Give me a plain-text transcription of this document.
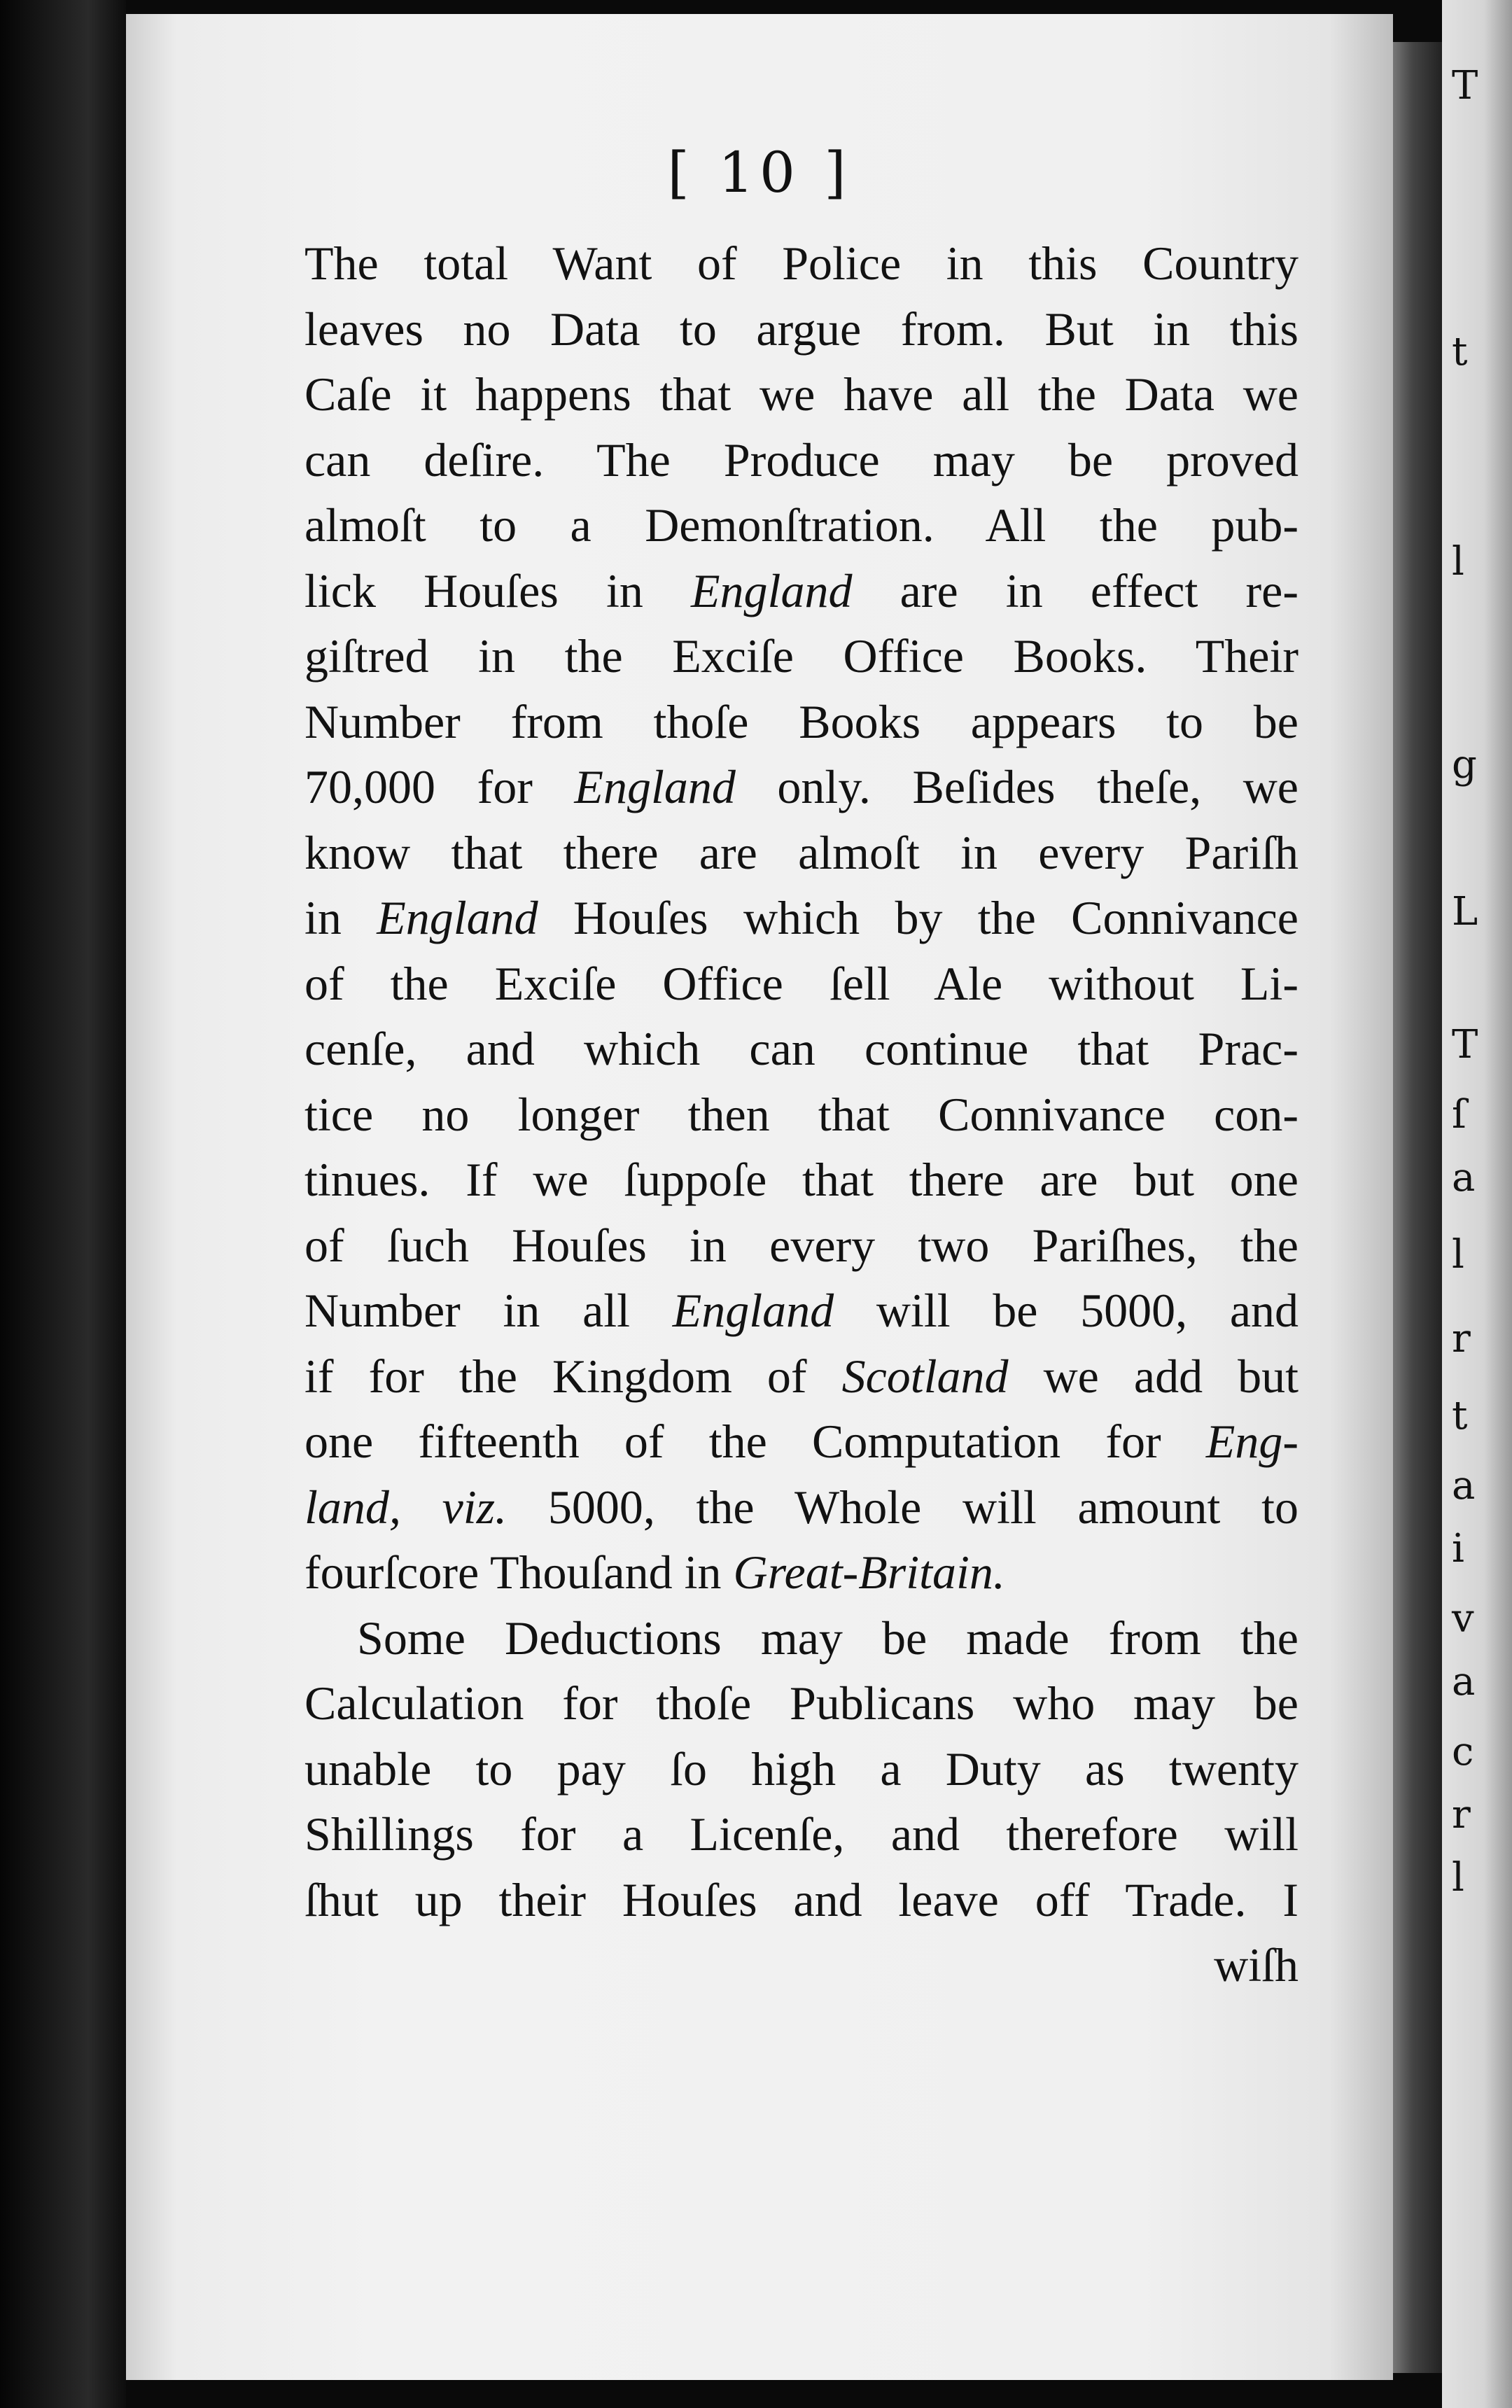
T
t
l
g
L
T
ſ
a
l
r
t
a
i
v
a
c
r
l
[ 10 ]
The total Want of Police in this Country
leaves no Data to argue from. But in this
Caſe it happens that we have all the Data we
can deſire. The Produce may be proved
almoſt to a Demonſtration. All the pub-
lick Houſes in England are in effect re-
giſtred in the Exciſe Office Books. Their
Number from thoſe Books appears to be
70,000 for England only. Beſides theſe, we
know that there are almoſt in every Pariſh
in England Houſes which by the Connivance
of the Exciſe Office ſell Ale without Li-
cenſe, and which can continue that Prac-
tice no longer then that Connivance con-
tinues. If we ſuppoſe that there are but one
of ſuch Houſes in every two Pariſhes, the
Number in all England will be 5000, and
if for the Kingdom of Scotland we add but
one fifteenth of the Computation for Eng-
land, viz. 5000, the Whole will amount to
fourſcore Thouſand in Great-Britain.
Some Deductions may be made from the
Calculation for thoſe Publicans who may be
unable to pay ſo high a Duty as twenty
Shillings for a Licenſe, and therefore will
ſhut up their Houſes and leave off Trade. I
wiſh
